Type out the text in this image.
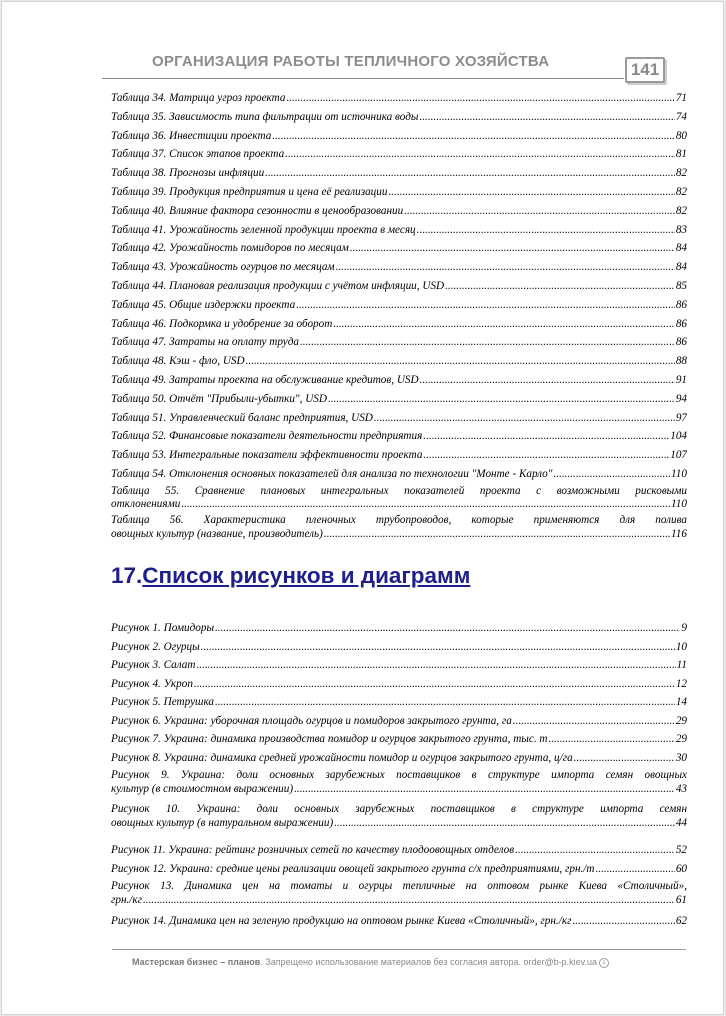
ОРГАНИЗАЦИЯ РАБОТЫ ТЕПЛИЧНОГО ХОЗЯЙСТВА	141
Таблица 34. Матрица угроз проекта .....	71
Таблица 35. Зависимость типа фильтрации от источника воды .....	74
Таблица 36. Инвестиции проекта .....	80
Таблица 37. Список этапов проекта .....	81
Таблица 38. Прогнозы инфляции .....	82
Таблица 39. Продукция предприятия и цена её реализации .....	82
Таблица 40. Влияние фактора сезонности в ценообразовании .....	82
Таблица 41. Урожайность зеленной продукции проекта в месяц .....	83
Таблица 42. Урожайность помидоров по месяцам .....	84
Таблица 43. Урожайность огурцов по месяцам .....	84
Таблица 44. Плановая реализация продукции с учётом инфляции, USD .....	85
Таблица 45. Общие издержки проекта .....	86
Таблица 46. Подкормка и удобрение за оборот .....	86
Таблица 47. Затраты на оплату труда .....	86
Таблица 48. Кэш - фло, USD .....	88
Таблица 49. Затраты проекта на обслуживание кредитов, USD .....	91
Таблица 50. Отчёт "Прибыли-убытки", USD .....	94
Таблица 51. Управленческий баланс предприятия, USD .....	97
Таблица 52. Финансовые показатели деятельности предприятия .....	104
Таблица 53. Интегральные показатели эффективности проекта .....	107
Таблица 54. Отклонения основных показателей для анализа по технологии "Монте - Карло" .....	110
Таблица 55. Сравнение плановых интегральных показателей проекта с возможными рисковыми
отклонениями .....	110
Таблица 56. Характеристика пленочных трубопроводов, которые применяются для полива
овощных культур (название, производитель) .....	116
17.Список рисунков и диаграмм
Рисунок 1. Помидоры .....	9
Рисунок 2. Огурцы .....	10
Рисунок 3. Салат .....	11
Рисунок 4. Укроп .....	12
Рисунок 5. Петрушка .....	14
Рисунок 6. Украина: уборочная площадь огурцов и помидоров закрытого грунта, га .....	29
Рисунок 7. Украина: динамика производства помидор и огурцов закрытого грунта, тыс. т .....	29
Рисунок 8. Украина: динамика средней урожайности помидор и огурцов закрытого грунта, ц/га .....	30
Рисунок 9. Украина: доли основных зарубежных поставщиков в структуре импорта семян овощных
культур (в стоимостном выражении) .....	43
Рисунок 10. Украина: доли основных зарубежных поставщиков в структуре импорта семян
овощных культур (в натуральном выражении) .....	44
Рисунок 11. Украина: рейтинг розничных сетей по качеству плодоовощных отделов .....	52
Рисунок 12. Украина: средние цены реализации овощей закрытого грунта с/х предприятиями, грн./т .....	60
Рисунок 13. Динамика цен на томаты и огурцы тепличные на оптовом рынке Киева «Столичный»,
грн./кг .....	61
Рисунок 14. Динамика цен на зеленую продукцию на оптовом рынке Киева «Столичный», грн./кг .....	62
Мастерская бизнес – планов. Запрещено использование материалов без согласия автора. order@b-p.kiev.ua c
